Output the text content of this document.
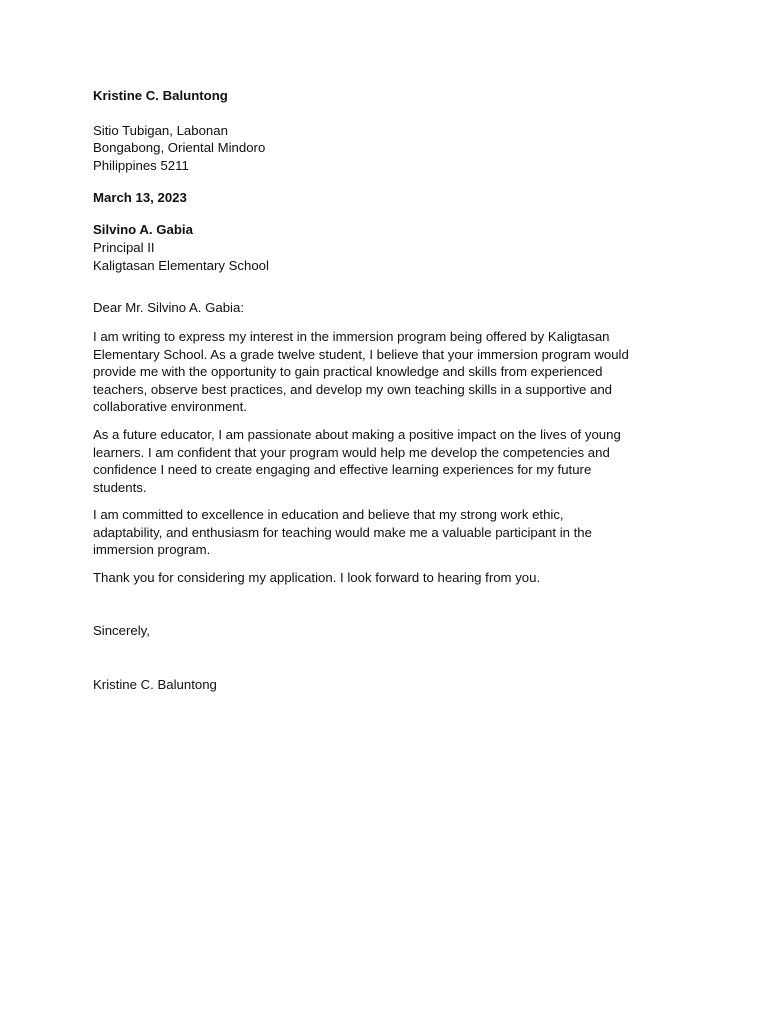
Kristine C. Baluntong
Sitio Tubigan, Labonan
Bongabong, Oriental Mindoro
Philippines 5211
March 13, 2023
Silvino A. Gabia
Principal II
Kaligtasan Elementary School
Dear Mr. Silvino A. Gabia:
I am writing to express my interest in the immersion program being offered by Kaligtasan
Elementary School. As a grade twelve student, I believe that your immersion program would
provide me with the opportunity to gain practical knowledge and skills from experienced
teachers, observe best practices, and develop my own teaching skills in a supportive and
collaborative environment.
As a future educator, I am passionate about making a positive impact on the lives of young
learners. I am confident that your program would help me develop the competencies and
confidence I need to create engaging and effective learning experiences for my future
students.
I am committed to excellence in education and believe that my strong work ethic,
adaptability, and enthusiasm for teaching would make me a valuable participant in the
immersion program.
Thank you for considering my application. I look forward to hearing from you.
Sincerely,
Kristine C. Baluntong
